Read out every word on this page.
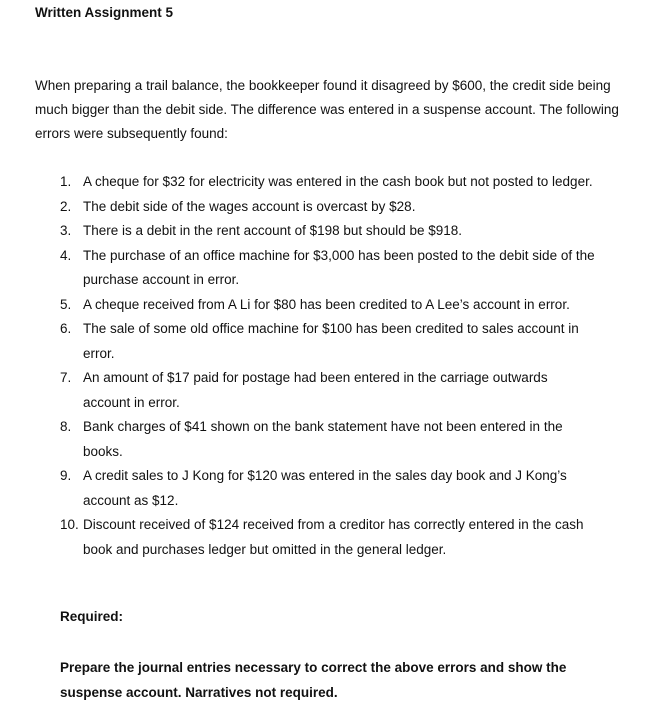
Written Assignment 5
When preparing a trail balance, the bookkeeper found it disagreed by $600, the credit side being much bigger than the debit side. The difference was entered in a suspense account. The following errors were subsequently found:
1. A cheque for $32 for electricity was entered in the cash book but not posted to ledger.
2. The debit side of the wages account is overcast by $28.
3. There is a debit in the rent account of $198 but should be $918.
4. The purchase of an office machine for $3,000 has been posted to the debit side of the purchase account in error.
5. A cheque received from A Li for $80 has been credited to A Lee’s account in error.
6. The sale of some old office machine for $100 has been credited to sales account in error.
7. An amount of $17 paid for postage had been entered in the carriage outwards account in error.
8. Bank charges of $41 shown on the bank statement have not been entered in the books.
9. A credit sales to J Kong for $120 was entered in the sales day book and J Kong’s account as $12.
10. Discount received of $124 received from a creditor has correctly entered in the cash book and purchases ledger but omitted in the general ledger.
Required:
Prepare the journal entries necessary to correct the above errors and show the suspense account. Narratives not required.
